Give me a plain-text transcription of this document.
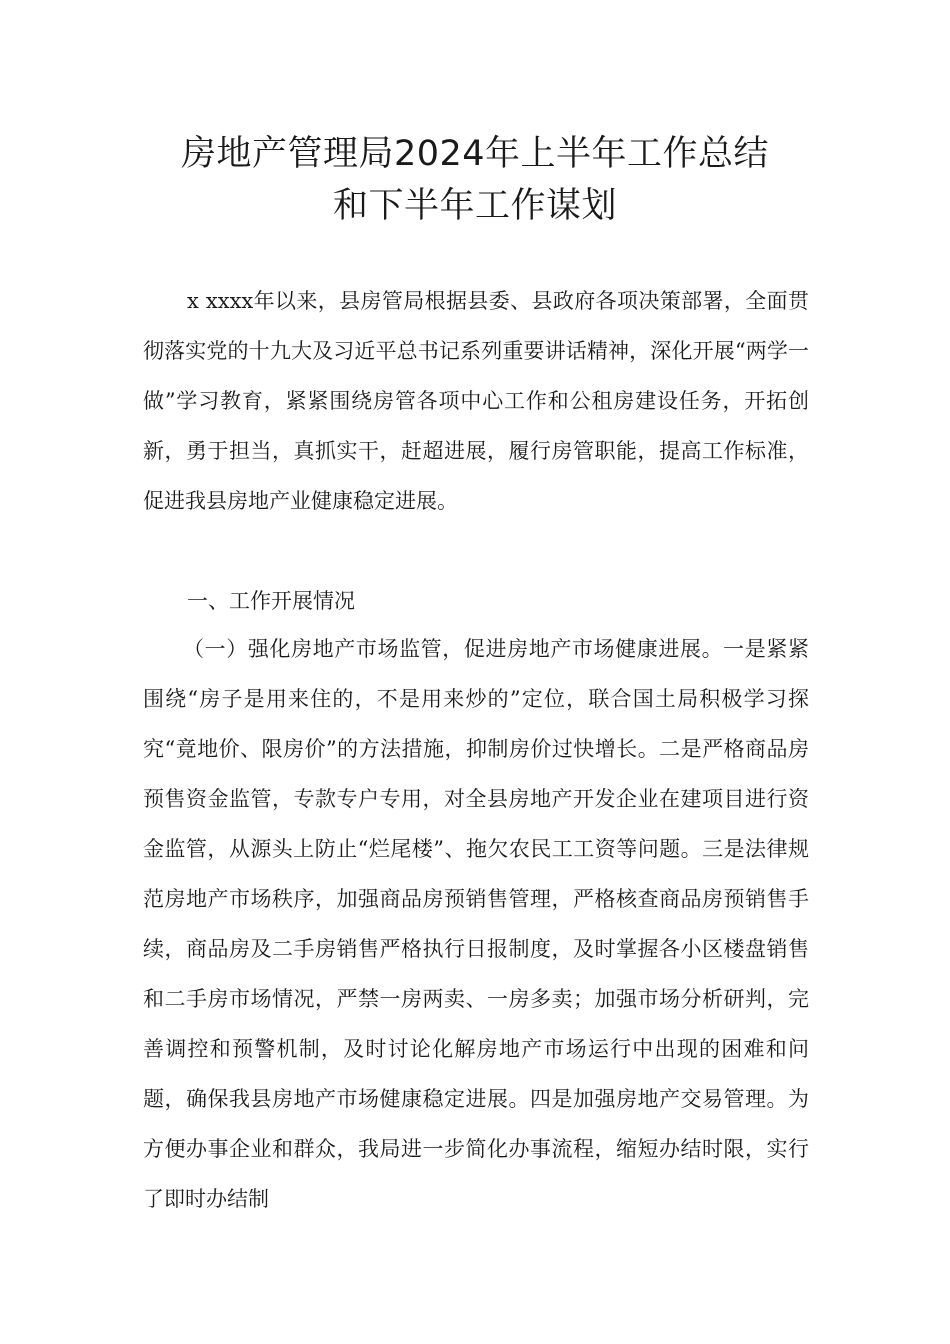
房地产管理局2024年上半年工作总结
和下半年工作谋划

x xxxx年以来，县房管局根据县委、县政府各项决策部署，全面贯彻落实党的十九大及习近平总书记系列重要讲话精神，深化开展“两学一做”学习教育，紧紧围绕房管各项中心工作和公租房建设任务，开拓创新，勇于担当，真抓实干，赶超进展，履行房管职能，提高工作标准，促进我县房地产业健康稳定进展。

一、工作开展情况

（一）强化房地产市场监管，促进房地产市场健康进展。一是紧紧围绕“房子是用来住的，不是用来炒的”定位，联合国土局积极学习探究“竟地价、限房价”的方法措施，抑制房价过快增长。二是严格商品房预售资金监管，专款专户专用，对全县房地产开发企业在建项目进行资金监管，从源头上防止“烂尾楼”、拖欠农民工工资等问题。三是法律规范房地产市场秩序，加强商品房预销售管理，严格核查商品房预销售手续，商品房及二手房销售严格执行日报制度，及时掌握各小区楼盘销售和二手房市场情况，严禁一房两卖、一房多卖；加强市场分析研判，完善调控和预警机制，及时讨论化解房地产市场运行中出现的困难和问题，确保我县房地产市场健康稳定进展。四是加强房地产交易管理。为方便办事企业和群众，我局进一步简化办事流程，缩短办结时限，实行了即时办结制
